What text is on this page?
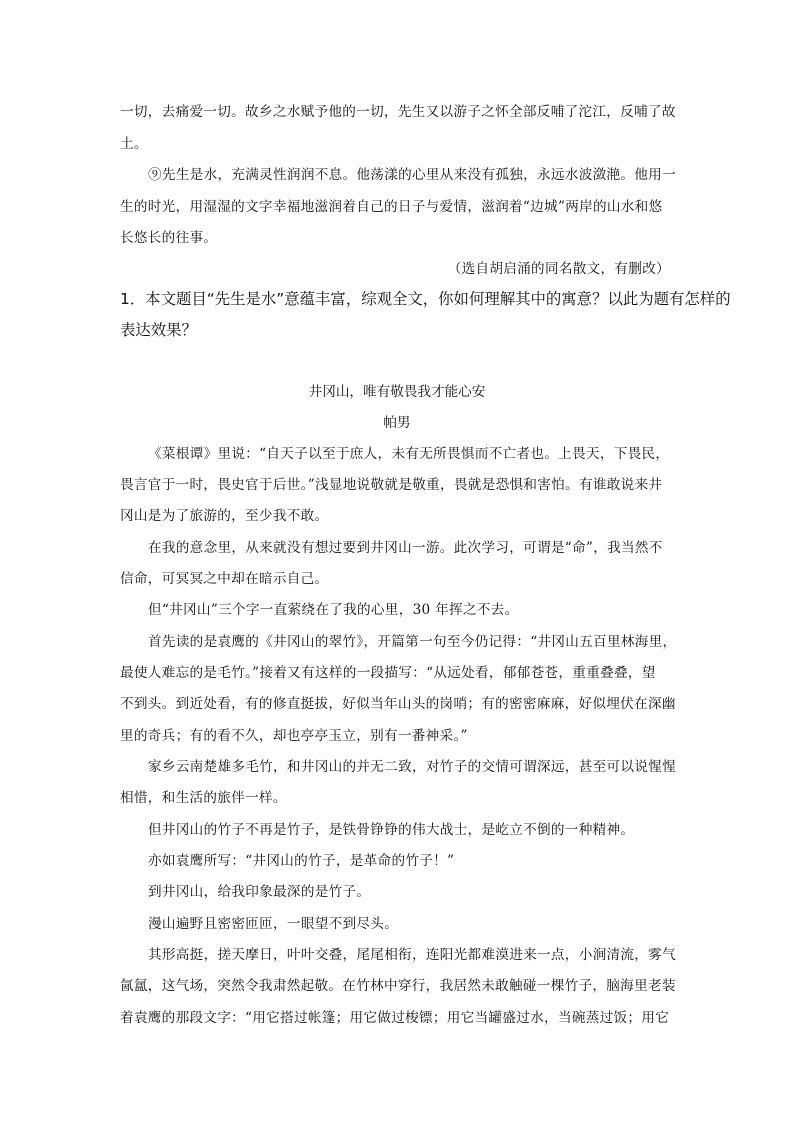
一切，去痛爱一切。故乡之水赋予他的一切，先生又以游子之怀全部反哺了沱江，反哺了故

土。

⑨先生是水，充满灵性润润不息。他荡漾的心里从来没有孤独，永远水波潋滟。他用一

生的时光，用湿湿的文字幸福地滋润着自己的日子与爱情，滋润着“边城”两岸的山水和悠

长悠长的往事。

（选自胡启涌的同名散文，有删改）

1．本文题目“先生是水”意蕴丰富，综观全文，你如何理解其中的寓意？以此为题有怎样的

表达效果？

井冈山，唯有敬畏我才能心安

帕男

《菜根谭》里说：“自天子以至于庶人，未有无所畏惧而不亡者也。上畏天，下畏民，

畏言官于一时，畏史官于后世。”浅显地说敬就是敬重，畏就是恐惧和害怕。有谁敢说来井

冈山是为了旅游的，至少我不敢。

在我的意念里，从来就没有想过要到井冈山一游。此次学习，可谓是“命”，我当然不

信命，可冥冥之中却在暗示自己。

但“井冈山”三个字一直萦绕在了我的心里，30 年挥之不去。

首先读的是袁鹰的《井冈山的翠竹》，开篇第一句至今仍记得：“井冈山五百里林海里，

最使人难忘的是毛竹。”接着又有这样的一段描写：“从远处看，郁郁苍苍，重重叠叠，望

不到头。到近处看，有的修直挺拔，好似当年山头的岗哨；有的密密麻麻，好似埋伏在深幽

里的奇兵；有的看不久，却也亭亭玉立，别有一番神采。”

家乡云南楚雄多毛竹，和井冈山的并无二致，对竹子的交情可谓深远，甚至可以说惺惺

相惜，和生活的旅伴一样。

但井冈山的竹子不再是竹子，是铁骨铮铮的伟大战士，是屹立不倒的一种精神。

亦如袁鹰所写：“井冈山的竹子，是革命的竹子！”

到井冈山，给我印象最深的是竹子。

漫山遍野且密密匝匝，一眼望不到尽头。

其形高挺，搓天摩日，叶叶交叠，尾尾相衔，连阳光都难漠进来一点，小涧清流，雾气

氤氲，这气场，突然令我肃然起敬。在竹林中穿行，我居然未敢触碰一棵竹子，脑海里老装

着袁鹰的那段文字：“用它搭过帐篷；用它做过梭镖；用它当罐盛过水，当碗蒸过饭；用它
